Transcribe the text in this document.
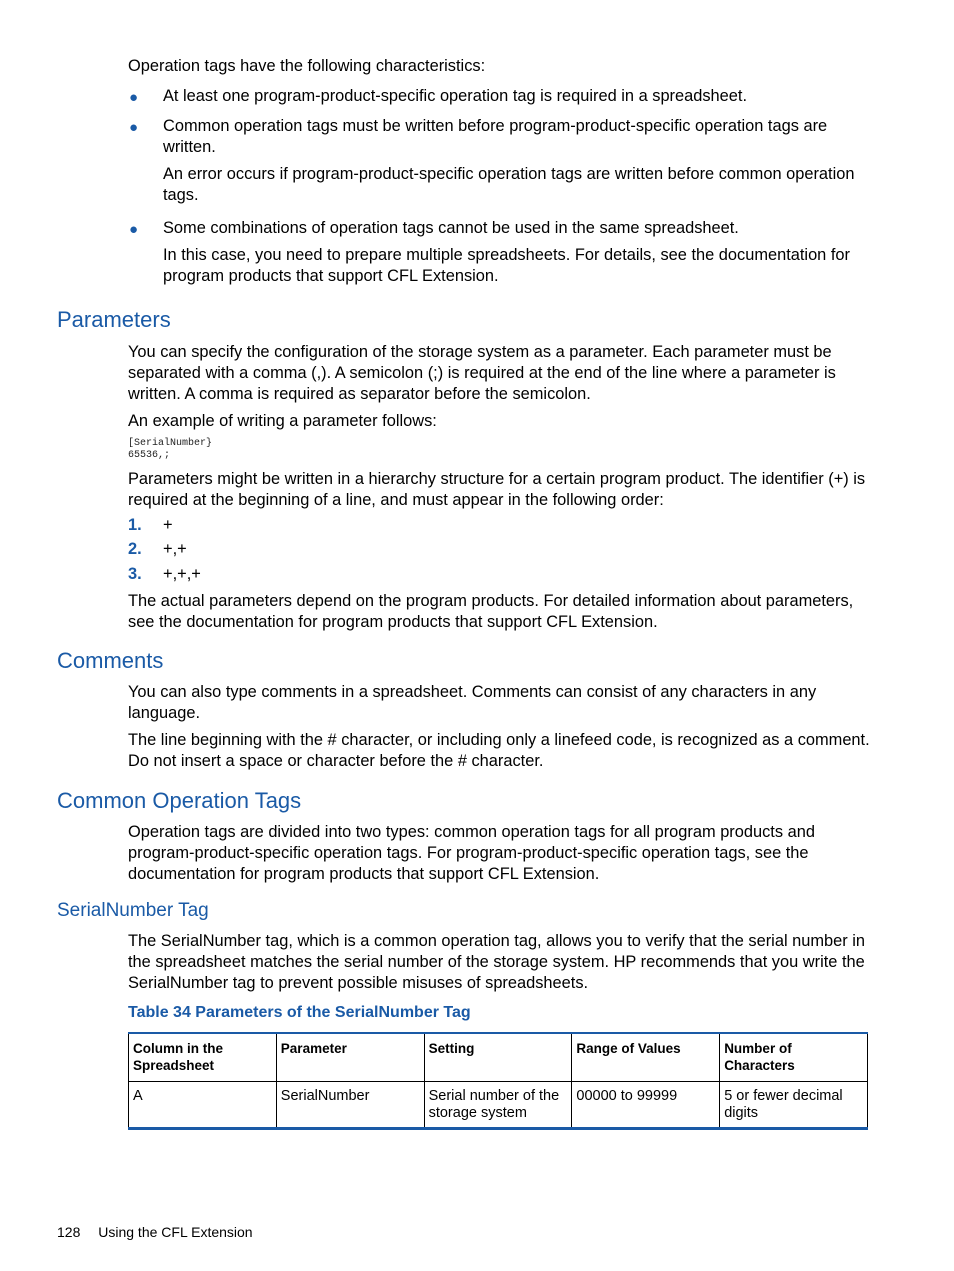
Operation tags have the following characteristics:

● At least one program-product-specific operation tag is required in a spreadsheet.

● Common operation tags must be written before program-product-specific operation tags are written.

An error occurs if program-product-specific operation tags are written before common operation tags.

● Some combinations of operation tags cannot be used in the same spreadsheet.

In this case, you need to prepare multiple spreadsheets. For details, see the documentation for program products that support CFL Extension.

Parameters

You can specify the configuration of the storage system as a parameter. Each parameter must be separated with a comma (,). A semicolon (;) is required at the end of the line where a parameter is written. A comma is required as separator before the semicolon.

An example of writing a parameter follows:

[SerialNumber}
65536,;

Parameters might be written in a hierarchy structure for a certain program product. The identifier (+) is required at the beginning of a line, and must appear in the following order:

1. +
2. +,+
3. +,+,+

The actual parameters depend on the program products. For detailed information about parameters, see the documentation for program products that support CFL Extension.

Comments

You can also type comments in a spreadsheet. Comments can consist of any characters in any language.

The line beginning with the # character, or including only a linefeed code, is recognized as a comment. Do not insert a space or character before the # character.

Common Operation Tags

Operation tags are divided into two types: common operation tags for all program products and program-product-specific operation tags. For program-product-specific operation tags, see the documentation for program products that support CFL Extension.

SerialNumber Tag

The SerialNumber tag, which is a common operation tag, allows you to verify that the serial number in the spreadsheet matches the serial number of the storage system. HP recommends that you write the SerialNumber tag to prevent possible misuses of spreadsheets.

Table 34 Parameters of the SerialNumber Tag
Column in the Spreadsheet	Parameter	Setting	Range of Values	Number of Characters
A	SerialNumber	Serial number of the storage system	00000 to 99999	5 or fewer decimal digits
128 Using the CFL Extension
